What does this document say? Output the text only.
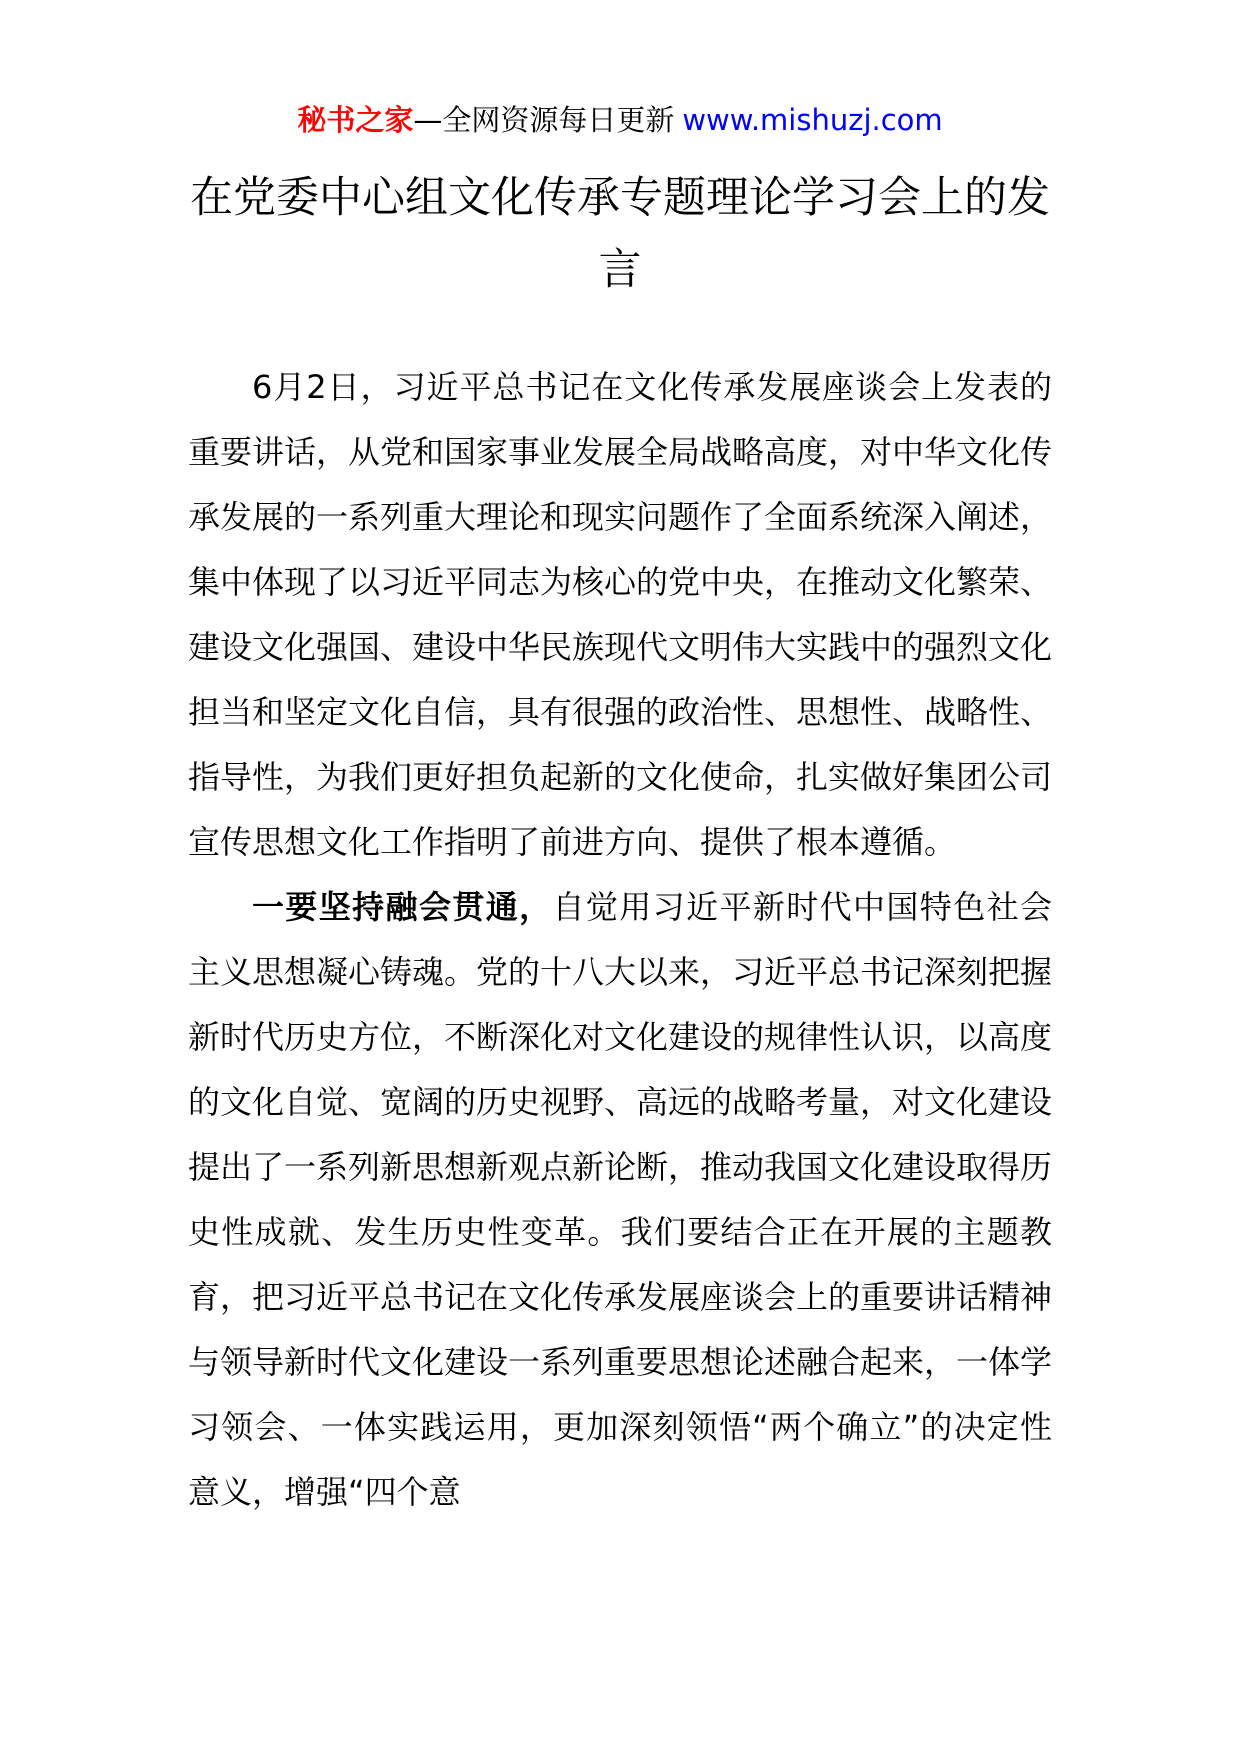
秘书之家—全网资源每日更新 www.mishuzj.com
在党委中心组文化传承专题理论学习会上的发言

6月2日，习近平总书记在文化传承发展座谈会上发表的重要讲话，从党和国家事业发展全局战略高度，对中华文化传承发展的一系列重大理论和现实问题作了全面系统深入阐述，集中体现了以习近平同志为核心的党中央，在推动文化繁荣、建设文化强国、建设中华民族现代文明伟大实践中的强烈文化担当和坚定文化自信，具有很强的政治性、思想性、战略性、指导性，为我们更好担负起新的文化使命，扎实做好集团公司宣传思想文化工作指明了前进方向、提供了根本遵循。

一要坚持融会贯通，自觉用习近平新时代中国特色社会主义思想凝心铸魂。党的十八大以来，习近平总书记深刻把握新时代历史方位，不断深化对文化建设的规律性认识，以高度的文化自觉、宽阔的历史视野、高远的战略考量，对文化建设提出了一系列新思想新观点新论断，推动我国文化建设取得历史性成就、发生历史性变革。我们要结合正在开展的主题教育，把习近平总书记在文化传承发展座谈会上的重要讲话精神与领导新时代文化建设一系列重要思想论述融合起来，一体学习领会、一体实践运用，更加深刻领悟“两个确立”的决定性意义，增强“四个意
